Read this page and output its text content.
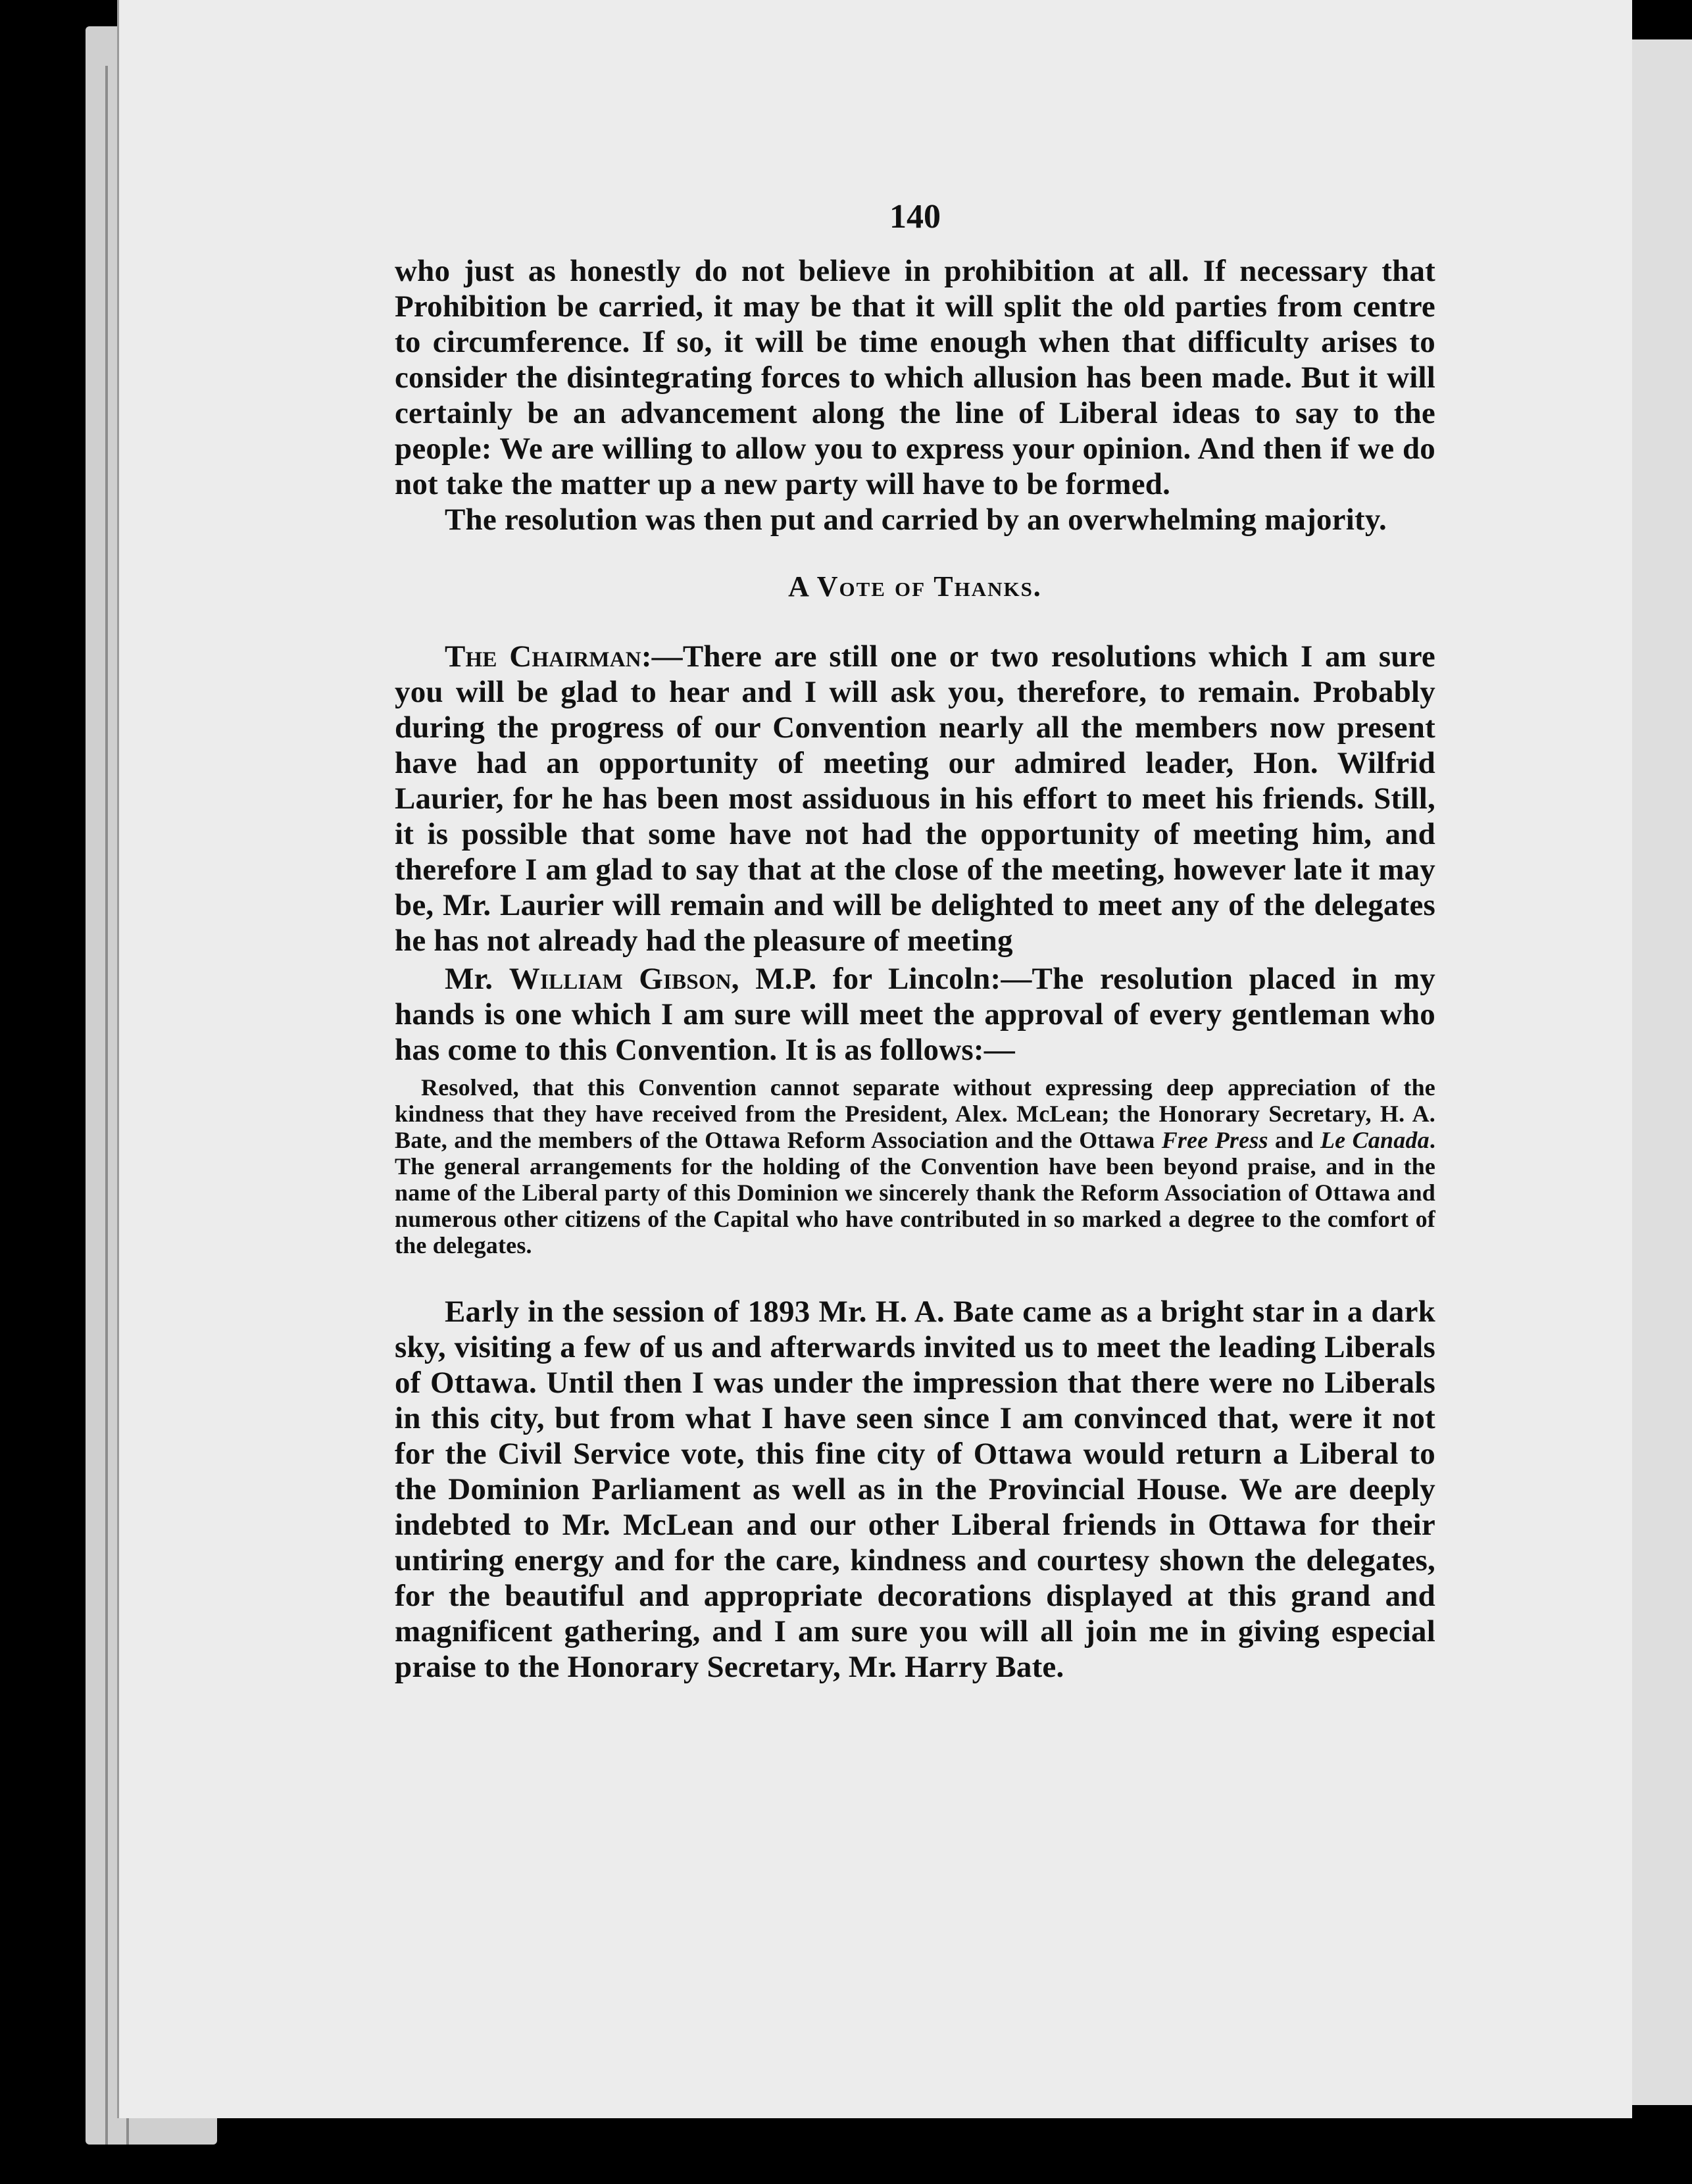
140

who just as honestly do not believe in prohibition at all. If necessary that Prohibition be carried, it may be that it will split the old parties from centre to circumference. If so, it will be time enough when that difficulty arises to consider the disintegrating forces to which allusion has been made. But it will certainly be an advancement along the line of Liberal ideas to say to the people: We are willing to allow you to express your opinion. And then if we do not take the matter up a new party will have to be formed.

The resolution was then put and carried by an overwhelming majority.

A Vote of Thanks.

The Chairman:—There are still one or two resolutions which I am sure you will be glad to hear and I will ask you, therefore, to remain. Probably during the progress of our Convention nearly all the members now present have had an opportunity of meeting our admired leader, Hon. Wilfrid Laurier, for he has been most assiduous in his effort to meet his friends. Still, it is possible that some have not had the opportunity of meeting him, and therefore I am glad to say that at the close of the meeting, however late it may be, Mr. Laurier will remain and will be delighted to meet any of the delegates he has not already had the pleasure of meeting

Mr. William Gibson, M.P. for Lincoln:—The resolution placed in my hands is one which I am sure will meet the approval of every gentleman who has come to this Convention. It is as follows:—

Resolved, that this Convention cannot separate without expressing deep appreciation of the kindness that they have received from the President, Alex. McLean; the Honorary Secretary, H. A. Bate, and the members of the Ottawa Reform Association and the Ottawa Free Press and Le Canada. The general arrangements for the holding of the Convention have been beyond praise, and in the name of the Liberal party of this Dominion we sincerely thank the Reform Association of Ottawa and numerous other citizens of the Capital who have contributed in so marked a degree to the comfort of the delegates.

Early in the session of 1893 Mr. H. A. Bate came as a bright star in a dark sky, visiting a few of us and afterwards invited us to meet the leading Liberals of Ottawa. Until then I was under the impression that there were no Liberals in this city, but from what I have seen since I am convinced that, were it not for the Civil Service vote, this fine city of Ottawa would return a Liberal to the Dominion Parliament as well as in the Provincial House. We are deeply indebted to Mr. McLean and our other Liberal friends in Ottawa for their untiring energy and for the care, kindness and courtesy shown the delegates, for the beautiful and appropriate decorations displayed at this grand and magnificent gathering, and I am sure you will all join me in giving especial praise to the Honorary Secretary, Mr. Harry Bate.
